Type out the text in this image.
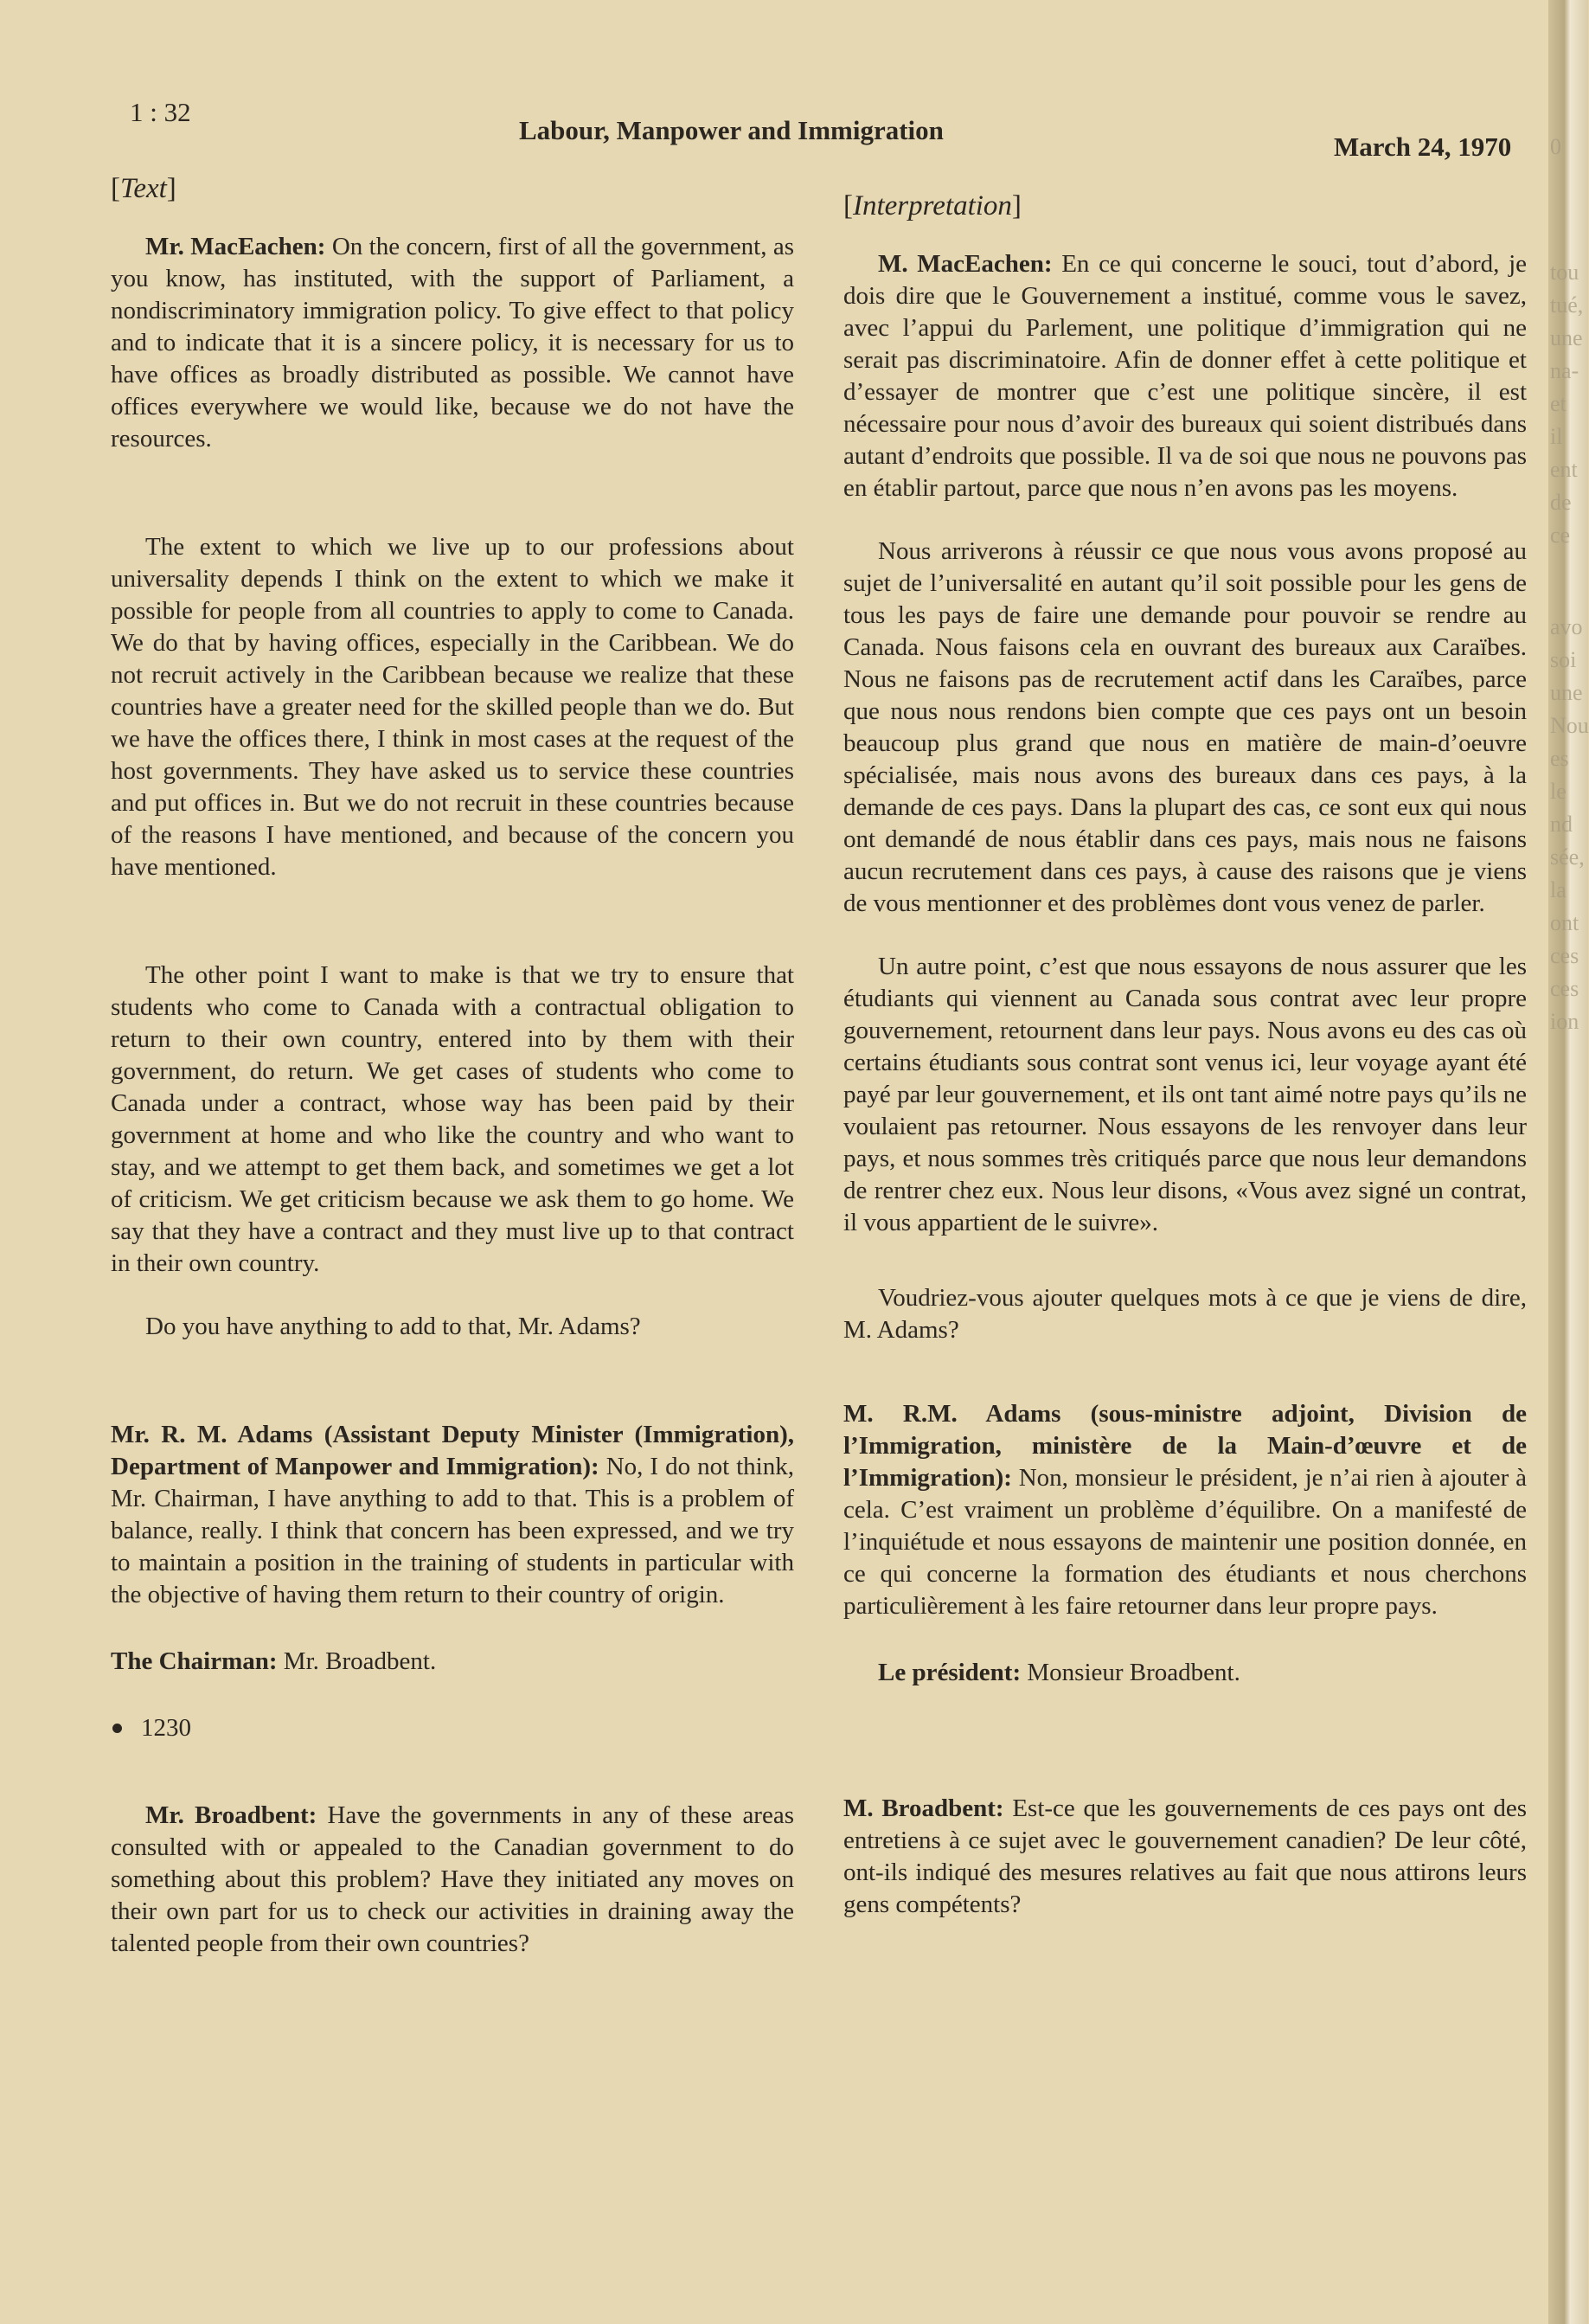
1 : 32
Labour, Manpower and Immigration
March 24, 1970
[Text]

Mr. MacEachen: On the concern, first of all the government, as you know, has instituted, with the support of Parliament, a nondiscriminatory immigration policy. To give effect to that policy and to indicate that it is a sincere policy, it is necessary for us to have offices as broadly distributed as possible. We cannot have offices everywhere we would like, because we do not have the resources.

The extent to which we live up to our professions about universality depends I think on the extent to which we make it possible for people from all countries to apply to come to Canada. We do that by having offices, especially in the Caribbean. We do not recruit actively in the Caribbean because we realize that these countries have a greater need for the skilled people than we do. But we have the offices there, I think in most cases at the request of the host governments. They have asked us to service these countries and put offices in. But we do not recruit in these countries because of the reasons I have mentioned, and because of the concern you have mentioned.

The other point I want to make is that we try to ensure that students who come to Canada with a contractual obligation to return to their own country, entered into by them with their government, do return. We get cases of students who come to Canada under a contract, whose way has been paid by their government at home and who like the country and who want to stay, and we attempt to get them back, and sometimes we get a lot of criticism. We get criticism because we ask them to go home. We say that they have a contract and they must live up to that contract in their own country.

Do you have anything to add to that, Mr. Adams?

Mr. R. M. Adams (Assistant Deputy Minister (Immigration), Department of Manpower and Immigration): No, I do not think, Mr. Chairman, I have anything to add to that. This is a problem of balance, really. I think that concern has been expressed, and we try to maintain a position in the training of students in particular with the objective of having them return to their country of origin.

The Chairman: Mr. Broadbent.

1230

Mr. Broadbent: Have the governments in any of these areas consulted with or appealed to the Canadian government to do something about this problem? Have they initiated any moves on their own part for us to check our activities in draining away the talented people from their own countries?

[Interpretation]

M. MacEachen: En ce qui concerne le souci, tout d’abord, je dois dire que le Gouvernement a institué, comme vous le savez, avec l’appui du Parlement, une politique d’immigration qui ne serait pas discriminatoire. Afin de donner effet à cette politique et d’essayer de montrer que c’est une politique sincère, il est nécessaire pour nous d’avoir des bureaux qui soient distribués dans autant d’endroits que possible. Il va de soi que nous ne pouvons pas en établir partout, parce que nous n’en avons pas les moyens.

Nous arriverons à réussir ce que nous vous avons proposé au sujet de l’universalité en autant qu’il soit possible pour les gens de tous les pays de faire une demande pour pouvoir se rendre au Canada. Nous faisons cela en ouvrant des bureaux aux Caraïbes. Nous ne faisons pas de recrutement actif dans les Caraïbes, parce que nous nous rendons bien compte que ces pays ont un besoin beaucoup plus grand que nous en matière de main-d’oeuvre spécialisée, mais nous avons des bureaux dans ces pays, à la demande de ces pays. Dans la plupart des cas, ce sont eux qui nous ont demandé de nous établir dans ces pays, mais nous ne faisons aucun recrutement dans ces pays, à cause des raisons que je viens de vous mentionner et des problèmes dont vous venez de parler.

Un autre point, c’est que nous essayons de nous assurer que les étudiants qui viennent au Canada sous contrat avec leur propre gouvernement, retournent dans leur pays. Nous avons eu des cas où certains étudiants sous contrat sont venus ici, leur voyage ayant été payé par leur gouvernement, et ils ont tant aimé notre pays qu’ils ne voulaient pas retourner. Nous essayons de les renvoyer dans leur pays, et nous sommes très critiqués parce que nous leur demandons de rentrer chez eux. Nous leur disons, «Vous avez signé un contrat, il vous appartient de le suivre».

Voudriez-vous ajouter quelques mots à ce que je viens de dire, M. Adams?

M. R.M. Adams (sous-ministre adjoint, Division de l’Immigration, ministère de la Main-d’œuvre et de l’Immigration): Non, monsieur le président, je n’ai rien à ajouter à cela. C’est vraiment un problème d’équilibre. On a manifesté de l’inquiétude et nous essayons de maintenir une position donnée, en ce qui concerne la formation des étudiants et nous cherchons particulièrement à les faire retourner dans leur propre pays.

Le président: Monsieur Broadbent.

M. Broadbent: Est-ce que les gouvernements de ces pays ont des entretiens à ce sujet avec le gouvernement canadien? De leur côté, ont-ils indiqué des mesures relatives au fait que nous attirons leurs gens compétents?

0
tou
tué,
une
na-
et
il
ent
de
ce
avo
soi
une
Nou
es
le
nd
sée,
la
ont
ces
ces
ion
